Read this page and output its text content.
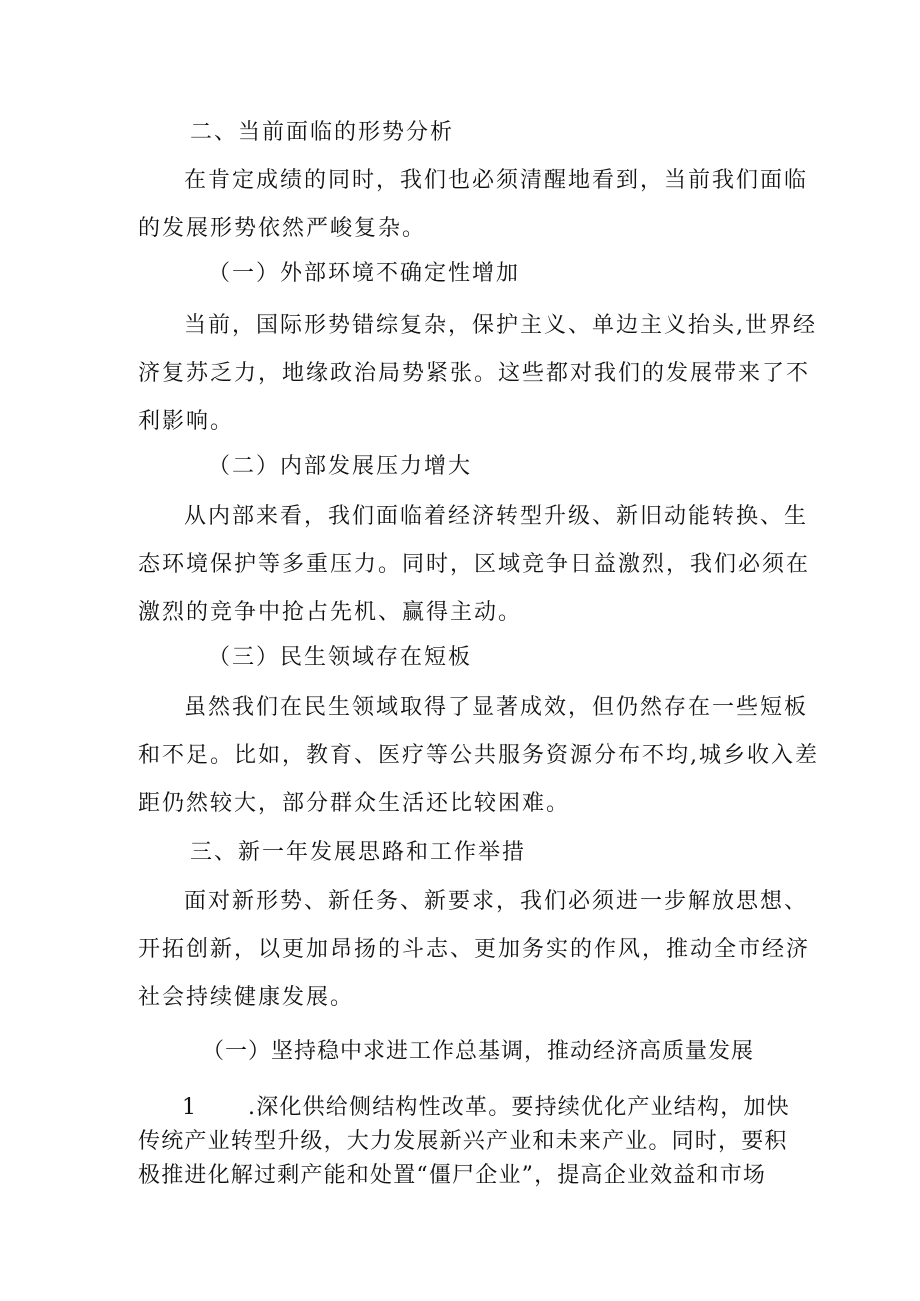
二、当前面临的形势分析

在肯定成绩的同时，我们也必须清醒地看到，当前我们面临
的发展形势依然严峻复杂。

（一）外部环境不确定性增加

当前，国际形势错综复杂，保护主义、单边主义抬头,世界经
济复苏乏力，地缘政治局势紧张。这些都对我们的发展带来了不
利影响。

（二）内部发展压力增大

从内部来看，我们面临着经济转型升级、新旧动能转换、生
态环境保护等多重压力。同时，区域竞争日益激烈，我们必须在
激烈的竞争中抢占先机、赢得主动。

（三）民生领域存在短板

虽然我们在民生领域取得了显著成效，但仍然存在一些短板
和不足。比如，教育、医疗等公共服务资源分布不均,城乡收入差
距仍然较大，部分群众生活还比较困难。

三、新一年发展思路和工作举措

面对新形势、新任务、新要求，我们必须进一步解放思想、
开拓创新，以更加昂扬的斗志、更加务实的作风，推动全市经济
社会持续健康发展。

（一）坚持稳中求进工作总基调，推动经济高质量发展

1 .深化供给侧结构性改革。要持续优化产业结构，加快
传统产业转型升级，大力发展新兴产业和未来产业。同时，要积
极推进化解过剩产能和处置“僵尸企业”，提高企业效益和市场
